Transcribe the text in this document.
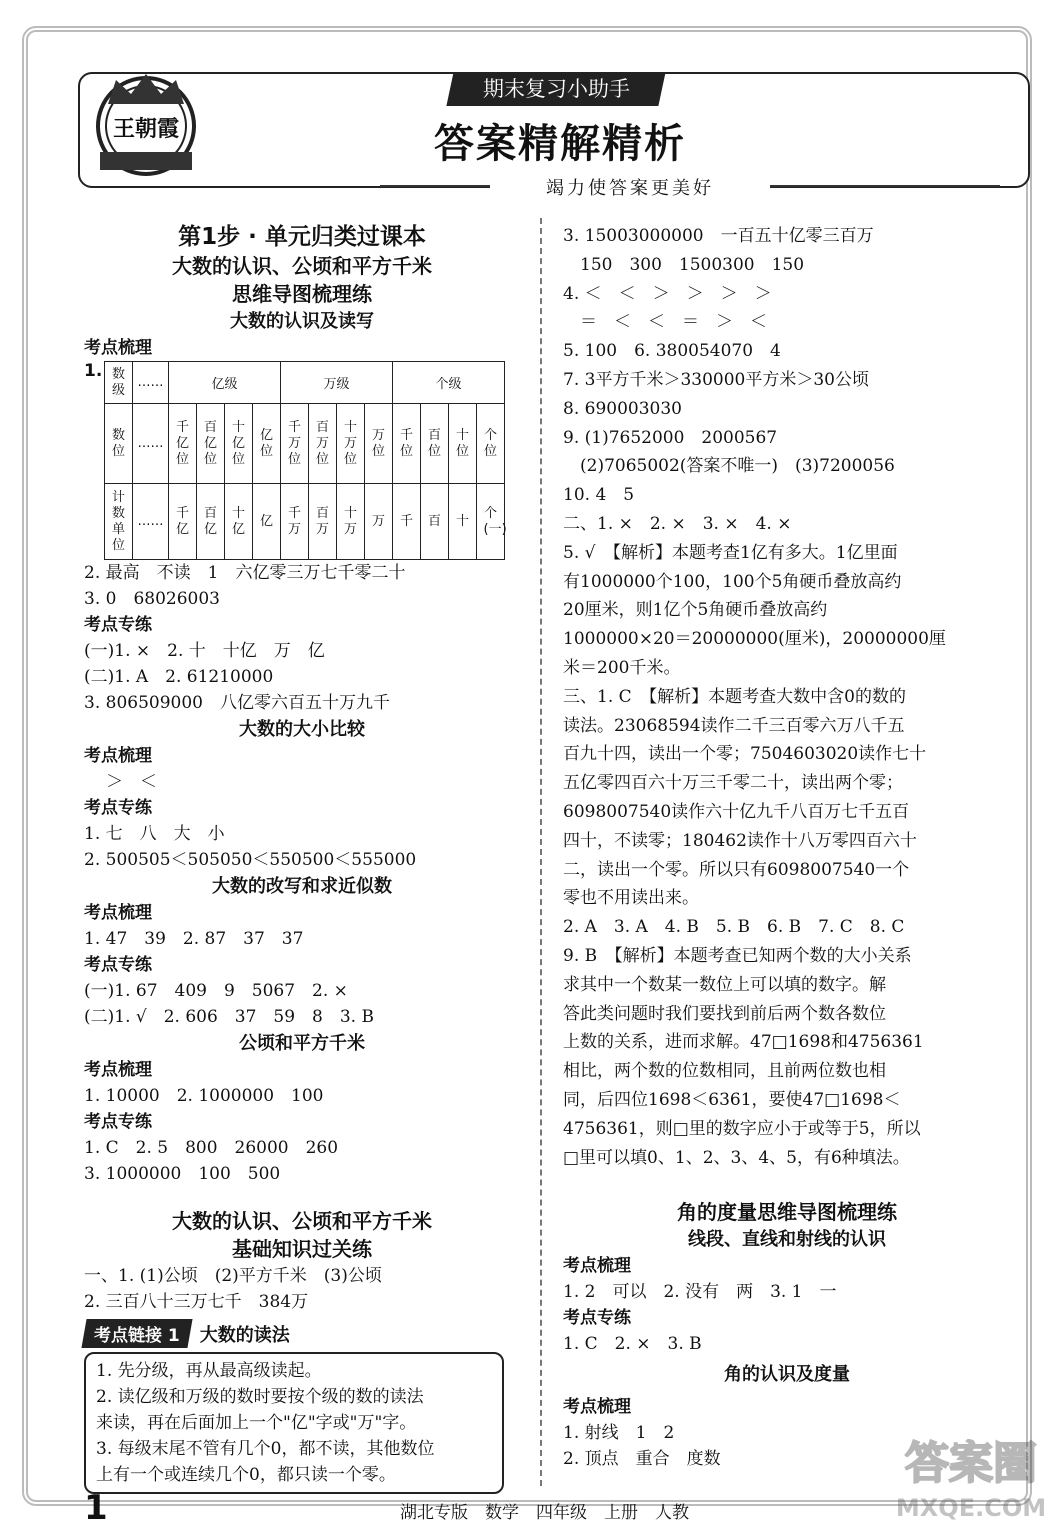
王朝霞
期末复习小助手
答案精解精析
竭力使答案更美好
第1步 · 单元归类过课本
大数的认识、公顷和平方千米
思维导图梳理练
大数的认识及读写
考点梳理
1. 数级	……	亿级				万级				个级			
数位	……	千亿位	百亿位	十亿位	亿位	千万位	百万位	十万位	万位	千位	百位	十位	个位
计数单位	……	千亿	百亿	十亿	亿	千万	百万	十万	万	千	百	十	个(一)
2. 最高　不读　1　六亿零三万七千零二十
3. 0　68026003
考点专练
(一)1. ×　2. 十　十亿　万　亿
(二)1. A　2. 61210000
3. 806509000　八亿零六百五十万九千
大数的大小比较
考点梳理
＞　＜
考点专练
1. 七　八　大　小
2. 500505＜505050＜550500＜555000
大数的改写和求近似数
考点梳理
1. 47　39　2. 87　37　37
考点专练
(一)1. 67　409　9　5067　2. ×
(二)1. √　2. 606　37　59　8　3. B
公顷和平方千米
考点梳理
1. 10000　2. 1000000　100
考点专练
1. C　2. 5　800　26000　260
3. 1000000　100　500
大数的认识、公顷和平方千米
基础知识过关练
一、1. (1)公顷　(2)平方千米　(3)公顷
2. 三百八十三万七千　384万
考点链接 1	大数的读法
1. 先分级，再从最高级读起。
2. 读亿级和万级的数时要按个级的数的读法
来读，再在后面加上一个"亿"字或"万"字。
3. 每级末尾不管有几个0，都不读，其他数位
上有一个或连续几个0，都只读一个零。
3. 15003000000　一百五十亿零三百万
　150　300　1500300　150
4. ＜　＜　＞　＞　＞　＞
　＝　＜　＜　＝　＞　＜
5. 100　6. 380054070　4
7. 3平方千米＞330000平方米＞30公顷
8. 690003030
9. (1)7652000　2000567
　(2)7065002(答案不唯一)　(3)7200056
10. 4　5
二、1. ×　2. ×　3. ×　4. ×
5. √　【解析】本题考查1亿有多大。1亿里面
有1000000个100，100个5角硬币叠放高约
20厘米，则1亿个5角硬币叠放高约
1000000×20＝20000000(厘米)，20000000厘
米＝200千米。
三、1. C　【解析】本题考查大数中含0的数的
读法。23068594读作二千三百零六万八千五
百九十四，读出一个零；7504603020读作七十
五亿零四百六十万三千零二十，读出两个零；
6098007540读作六十亿九千八百万七千五百
四十，不读零；180462读作十八万零四百六十
二，读出一个零。所以只有6098007540一个
零也不用读出来。
2. A　3. A　4. B　5. B　6. B　7. C　8. C
9. B　【解析】本题考查已知两个数的大小关系
求其中一个数某一数位上可以填的数字。解
答此类问题时我们要找到前后两个数各数位
上数的关系，进而求解。47□1698和4756361
相比，两个数的位数相同，且前两位数也相
同，后四位1698＜6361，要使47□1698＜
4756361，则□里的数字应小于或等于5，所以
□里可以填0、1、2、3、4、5，有6种填法。
角的度量思维导图梳理练
线段、直线和射线的认识
考点梳理
1. 2　可以　2. 没有　两　3. 1　一
考点专练
1. C　2. ×　3. B
角的认识及度量
考点梳理
1. 射线　1　2
2. 顶点　重合　度数
1	湖北专版　数学　四年级　上册　人教
答案圈
MXQE.COM
